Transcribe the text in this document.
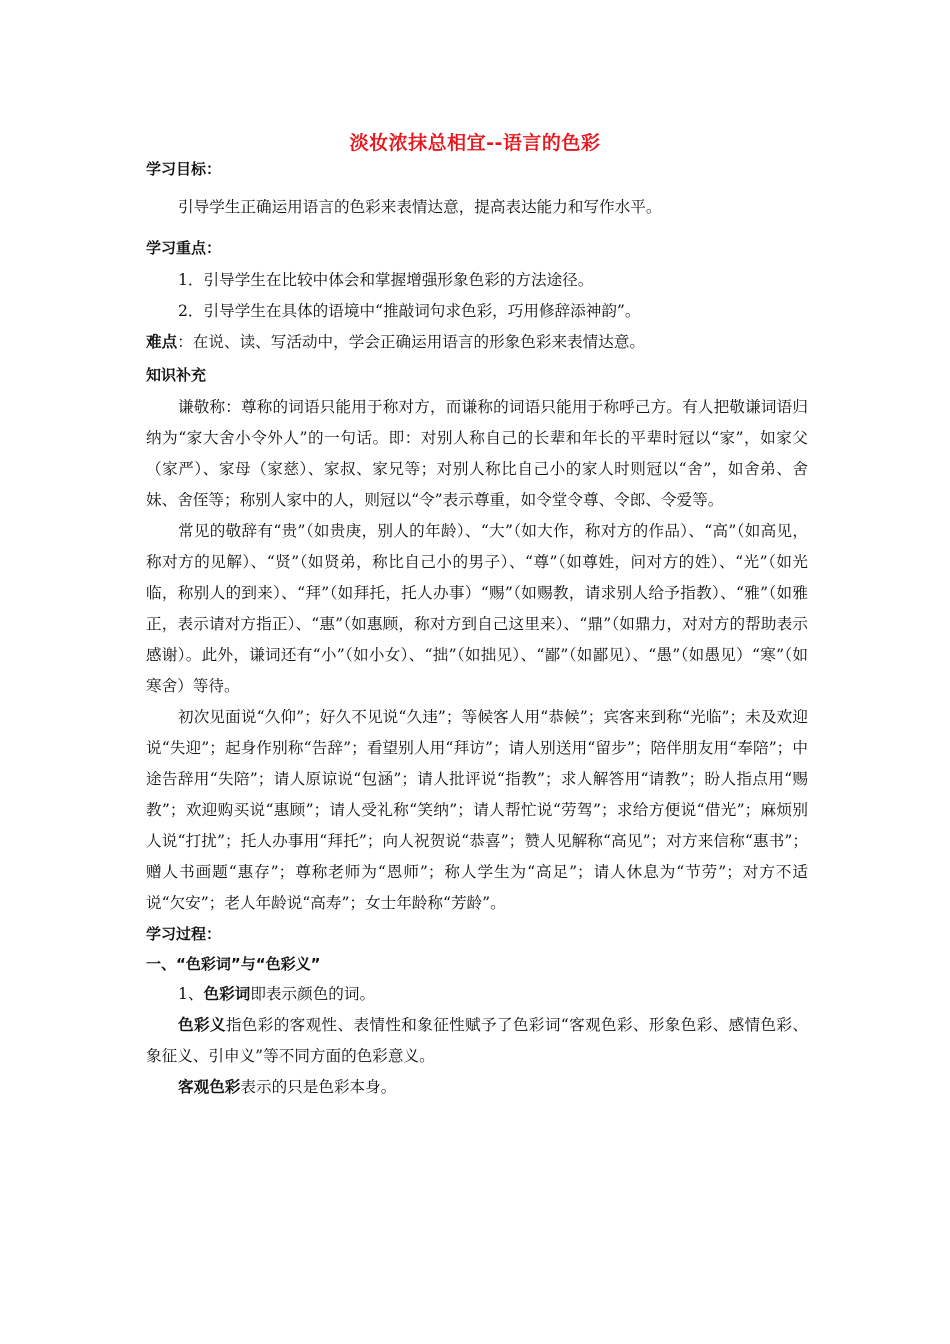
淡妆浓抹总相宜--语言的色彩
学习目标：

引导学生正确运用语言的色彩来表情达意，提高表达能力和写作水平。

学习重点：

1．引导学生在比较中体会和掌握增强形象色彩的方法途径。

2．引导学生在具体的语境中“推敲词句求色彩，巧用修辞添神韵”。

难点：在说、读、写活动中，学会正确运用语言的形象色彩来表情达意。

知识补充

谦敬称：尊称的词语只能用于称对方，而谦称的词语只能用于称呼己方。有人把敬谦词语归纳为“家大舍小令外人”的一句话。即：对别人称自己的长辈和年长的平辈时冠以“家”，如家父（家严）、家母（家慈）、家叔、家兄等；对别人称比自己小的家人时则冠以“舍”，如舍弟、舍妹、舍侄等；称别人家中的人，则冠以“令”表示尊重，如令堂令尊、令郎、令爱等。

常见的敬辞有“贵”（如贵庚，别人的年龄）、“大”（如大作，称对方的作品）、“高”（如高见，称对方的见解）、“贤”（如贤弟，称比自己小的男子）、“尊”（如尊姓，问对方的姓）、“光”（如光临，称别人的到来）、“拜”（如拜托，托人办事）“赐”（如赐教，请求别人给予指教）、“雅”（如雅正，表示请对方指正）、“惠”（如惠顾，称对方到自己这里来）、“鼎”（如鼎力，对对方的帮助表示感谢）。此外，谦词还有“小”（如小女）、“拙”（如拙见）、“鄙”（如鄙见）、“愚”（如愚见）“寒”（如寒舍）等待。

初次见面说“久仰”；好久不见说“久违”；等候客人用“恭候”；宾客来到称“光临”；未及欢迎说“失迎”；起身作别称“告辞”；看望别人用“拜访”；请人别送用“留步”；陪伴朋友用“奉陪”；中途告辞用“失陪”；请人原谅说“包涵”；请人批评说“指教”；求人解答用“请教”；盼人指点用“赐教”；欢迎购买说“惠顾”；请人受礼称“笑纳”；请人帮忙说“劳驾”；求给方便说“借光”；麻烦别人说“打扰”；托人办事用“拜托”；向人祝贺说“恭喜”；赞人见解称“高见”；对方来信称“惠书”；赠人书画题“惠存”；尊称老师为“恩师”；称人学生为“高足”；请人休息为“节劳”；对方不适说“欠安”；老人年龄说“高寿”；女士年龄称“芳龄”。

学习过程：
一、“色彩词”与“色彩义”

1、色彩词即表示颜色的词。

色彩义指色彩的客观性、表情性和象征性赋予了色彩词“客观色彩、形象色彩、感情色彩、象征义、引申义”等不同方面的色彩意义。

客观色彩表示的只是色彩本身。
